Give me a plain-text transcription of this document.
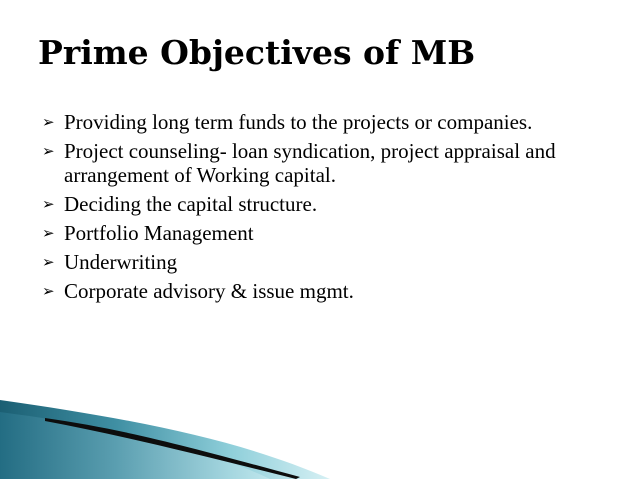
Prime Objectives of MB
➢ Providing long term funds to the projects or companies.
➢ Project counseling- loan syndication, project appraisal and arrangement of Working capital.
➢ Deciding the capital structure.
➢ Portfolio Management
➢ Underwriting
➢ Corporate advisory & issue mgmt.
